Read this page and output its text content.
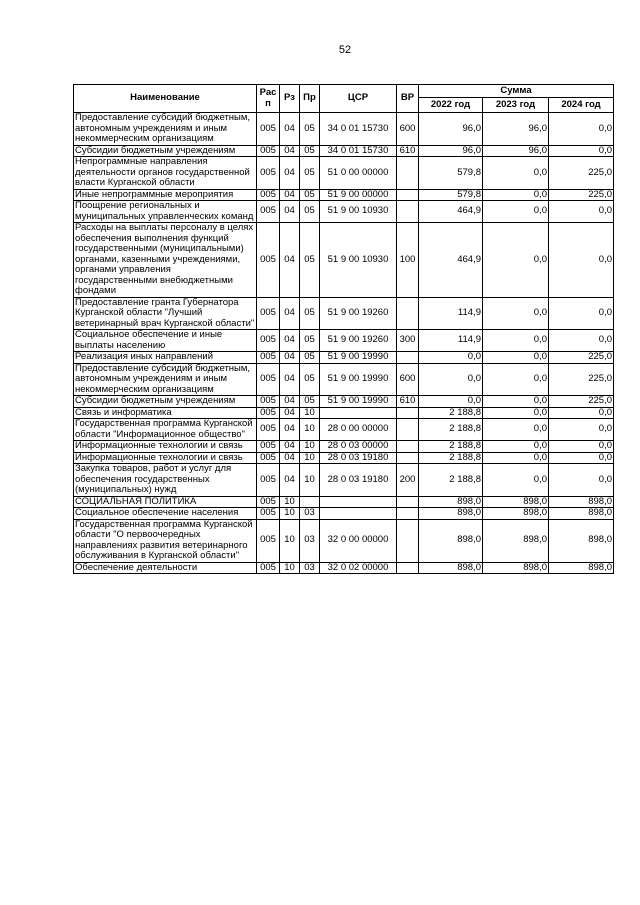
52
Наименование	Рас п	Рз	Пр	ЦСР	ВР	Сумма		
						2022 год	2023 год	2024 год
Предоставление субсидий бюджетным, автономным учреждениям и иным некоммерческим организациям	005	04	05	34 0 01 15730	600	96,0	96,0	0,0
Субсидии бюджетным учреждениям	005	04	05	34 0 01 15730	610	96,0	96,0	0,0
Непрограммные направления деятельности органов государственной власти Курганской области	005	04	05	51 0 00 00000		579,8	0,0	225,0
Иные непрограммные мероприятия	005	04	05	51 9 00 00000		579,8	0,0	225,0
Поощрение региональных и муниципальных управленческих команд	005	04	05	51 9 00 10930		464,9	0,0	0,0
Расходы на выплаты персоналу в целях обеспечения выполнения функций государственными (муниципальными) органами, казенными учреждениями, органами управления государственными внебюджетными фондами	005	04	05	51 9 00 10930	100	464,9	0,0	0,0
Предоставление гранта Губернатора Курганской области "Лучший ветеринарный врач Курганской области"	005	04	05	51 9 00 19260		114,9	0,0	0,0
Социальное обеспечение и иные выплаты населению	005	04	05	51 9 00 19260	300	114,9	0,0	0,0
Реализация иных направлений	005	04	05	51 9 00 19990		0,0	0,0	225,0
Предоставление субсидий бюджетным, автономным учреждениям и иным некоммерческим организациям	005	04	05	51 9 00 19990	600	0,0	0,0	225,0
Субсидии бюджетным учреждениям	005	04	05	51 9 00 19990	610	0,0	0,0	225,0
Связь и информатика	005	04	10			2 188,8	0,0	0,0
Государственная программа Курганской области "Информационное общество"	005	04	10	28 0 00 00000		2 188,8	0,0	0,0
Информационные технологии и связь	005	04	10	28 0 03 00000		2 188,8	0,0	0,0
Информационные технологии и связь	005	04	10	28 0 03 19180		2 188,8	0,0	0,0
Закупка товаров, работ и услуг для обеспечения государственных (муниципальных) нужд	005	04	10	28 0 03 19180	200	2 188,8	0,0	0,0
СОЦИАЛЬНАЯ ПОЛИТИКА	005	10				898,0	898,0	898,0
Социальное обеспечение населения	005	10	03			898,0	898,0	898,0
Государственная программа Курганской области "О первоочередных направлениях развития ветеринарного обслуживания в Курганской области"	005	10	03	32 0 00 00000		898,0	898,0	898,0
Обеспечение деятельности	005	10	03	32 0 02 00000		898,0	898,0	898,0
